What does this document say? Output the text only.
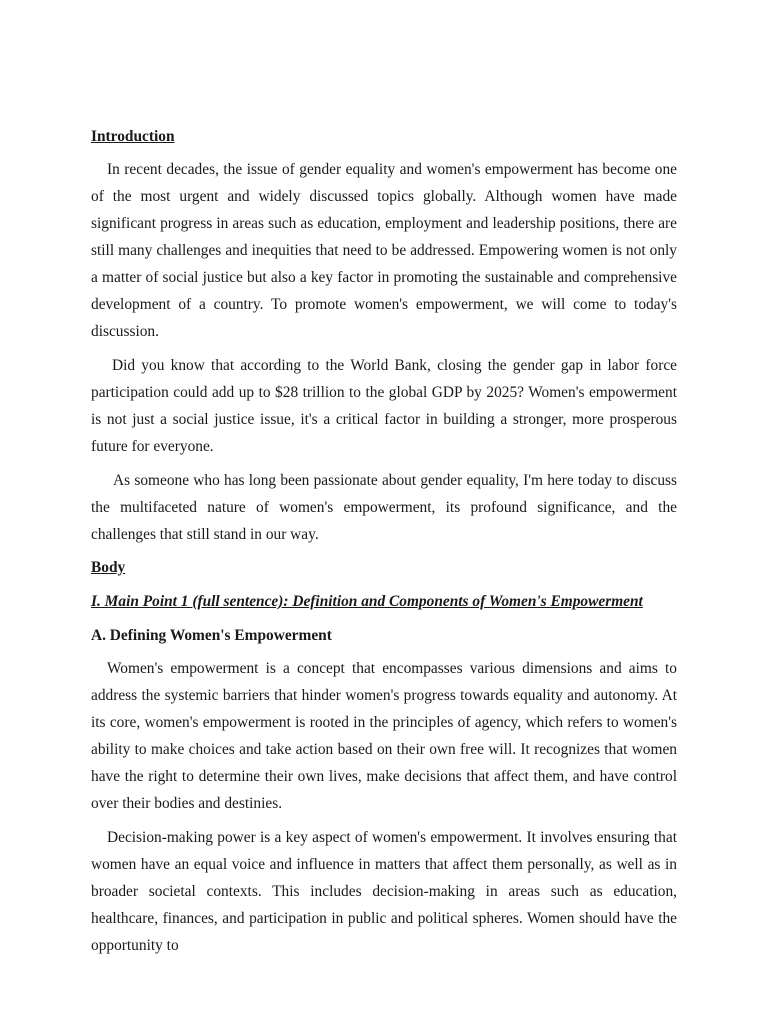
Introduction

In recent decades, the issue of gender equality and women's empowerment has become one of the most urgent and widely discussed topics globally. Although women have made significant progress in areas such as education, employment and leadership positions, there are still many challenges and inequities that need to be addressed. Empowering women is not only a matter of social justice but also a key factor in promoting the sustainable and comprehensive development of a country. To promote women's empowerment, we will come to today's discussion.

Did you know that according to the World Bank, closing the gender gap in labor force participation could add up to $28 trillion to the global GDP by 2025? Women's empowerment is not just a social justice issue, it's a critical factor in building a stronger, more prosperous future for everyone.

As someone who has long been passionate about gender equality, I'm here today to discuss the multifaceted nature of women's empowerment, its profound significance, and the challenges that still stand in our way.

Body
I. Main Point 1 (full sentence): Definition and Components of Women's Empowerment
A. Defining Women's Empowerment

Women's empowerment is a concept that encompasses various dimensions and aims to address the systemic barriers that hinder women's progress towards equality and autonomy. At its core, women's empowerment is rooted in the principles of agency, which refers to women's ability to make choices and take action based on their own free will. It recognizes that women have the right to determine their own lives, make decisions that affect them, and have control over their bodies and destinies.

Decision-making power is a key aspect of women's empowerment. It involves ensuring that women have an equal voice and influence in matters that affect them personally, as well as in broader societal contexts. This includes decision-making in areas such as education, healthcare, finances, and participation in public and political spheres. Women should have the opportunity to
